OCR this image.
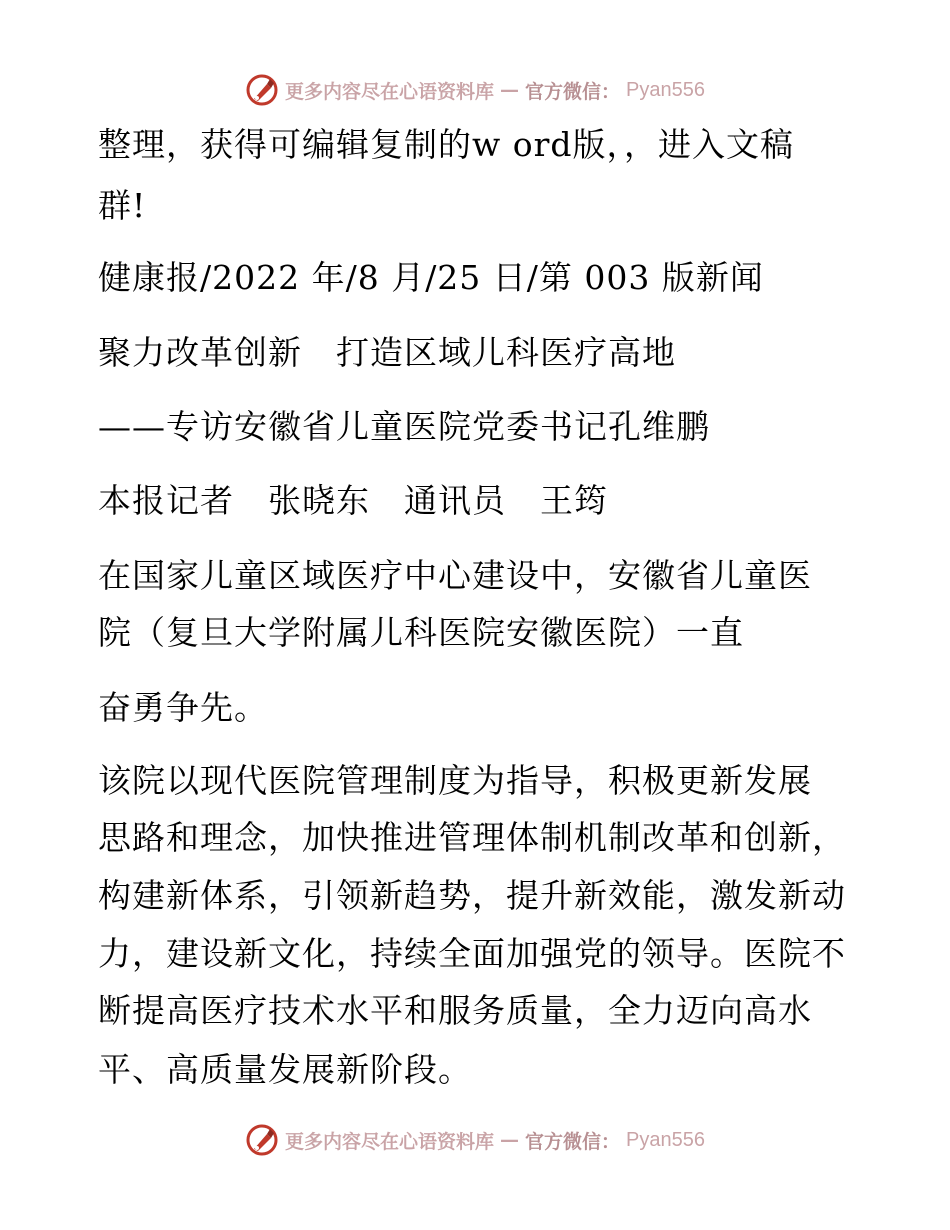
更多内容尽在心语资料库 — 官方微信： Pyan556
整理，获得可编辑复制的w ord版，，进入文稿
群!
健康报/2022 年/8 月/25 日/第 003 版新闻
聚力改革创新　打造区域儿科医疗高地
——专访安徽省儿童医院党委书记孔维鹏
本报记者　张晓东　通讯员　王筠
在国家儿童区域医疗中心建设中，安徽省儿童医
院（复旦大学附属儿科医院安徽医院）一直
奋勇争先。
该院以现代医院管理制度为指导，积极更新发展
思路和理念，加快推进管理体制机制改革和创新，
构建新体系，引领新趋势，提升新效能，激发新动
力，建设新文化，持续全面加强党的领导。医院不
断提高医疗技术水平和服务质量，全力迈向高水
平、高质量发展新阶段。
更多内容尽在心语资料库 — 官方微信： Pyan556
